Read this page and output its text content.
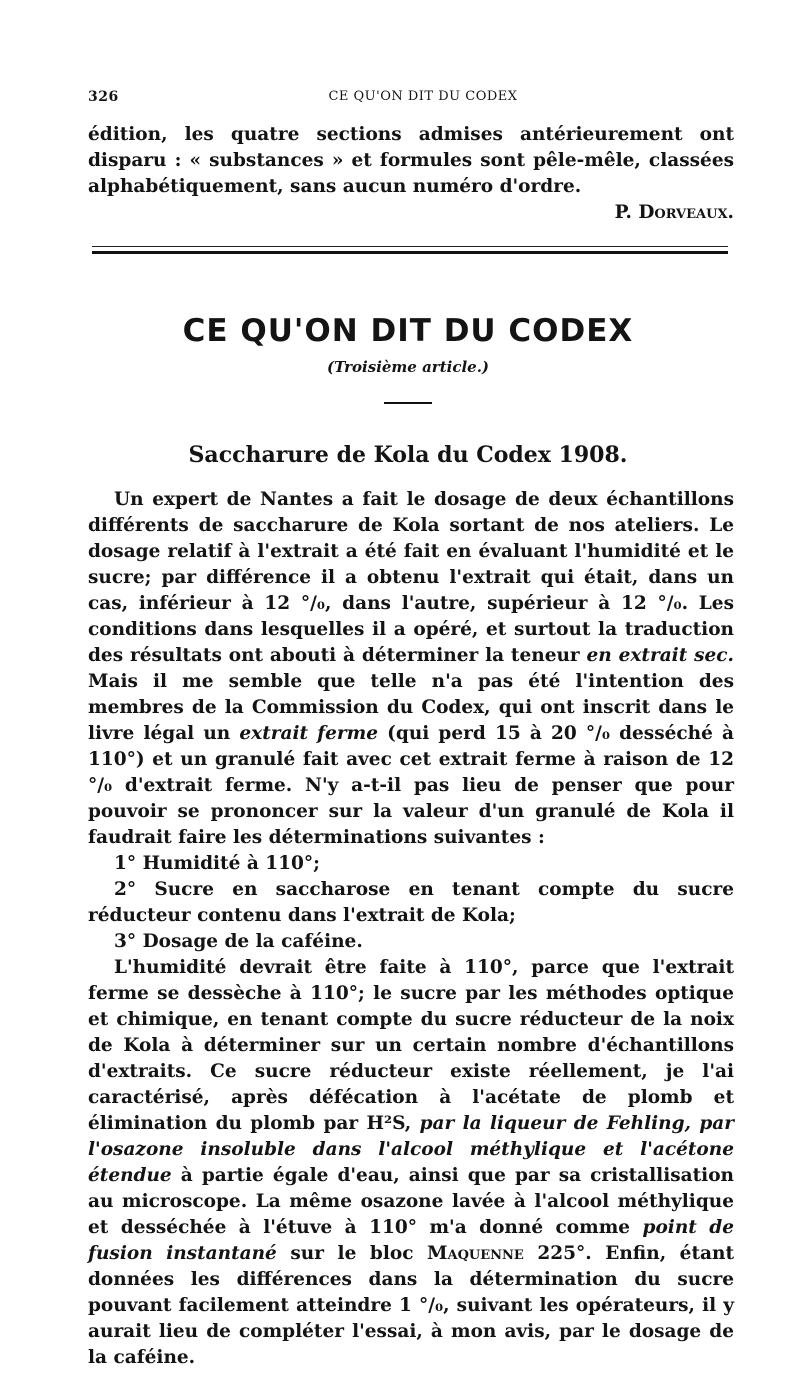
326	CE QU'ON DIT DU CODEX

édition, les quatre sections admises antérieurement ont disparu : « substances » et formules sont pêle-mêle, classées alphabétiquement, sans aucun numéro d'ordre.

P. Dorveaux.

CE QU'ON DIT DU CODEX
(Troisième article.)
Saccharure de Kola du Codex 1908.

Un expert de Nantes a fait le dosage de deux échantillons différents de saccharure de Kola sortant de nos ateliers. Le dosage relatif à l'extrait a été fait en évaluant l'humidité et le sucre; par différence il a obtenu l'extrait qui était, dans un cas, inférieur à 12 °/₀, dans l'autre, supérieur à 12 °/₀. Les conditions dans lesquelles il a opéré, et surtout la traduction des résultats ont abouti à déterminer la teneur en extrait sec. Mais il me semble que telle n'a pas été l'intention des membres de la Commission du Codex, qui ont inscrit dans le livre légal un extrait ferme (qui perd 15 à 20 °/₀ desséché à 110°) et un granulé fait avec cet extrait ferme à raison de 12 °/₀ d'extrait ferme. N'y a-t-il pas lieu de penser que pour pouvoir se prononcer sur la valeur d'un granulé de Kola il faudrait faire les déterminations suivantes :

1° Humidité à 110°;

2° Sucre en saccharose en tenant compte du sucre réducteur contenu dans l'extrait de Kola;

3° Dosage de la caféine.

L'humidité devrait être faite à 110°, parce que l'extrait ferme se dessèche à 110°; le sucre par les méthodes optique et chimique, en tenant compte du sucre réducteur de la noix de Kola à déterminer sur un certain nombre d'échantillons d'extraits. Ce sucre réducteur existe réellement, je l'ai caractérisé, après défécation à l'acétate de plomb et élimination du plomb par H²S, par la liqueur de Fehling, par l'osazone insoluble dans l'alcool méthylique et l'acétone étendue à partie égale d'eau, ainsi que par sa cristallisation au microscope. La même osazone lavée à l'alcool méthylique et desséchée à l'étuve à 110° m'a donné comme point de fusion instantané sur le bloc Maquenne 225°. Enfin, étant données les différences dans la détermination du sucre pouvant facilement atteindre 1 °/₀, suivant les opérateurs, il y aurait lieu de compléter l'essai, à mon avis, par le dosage de la caféine.
